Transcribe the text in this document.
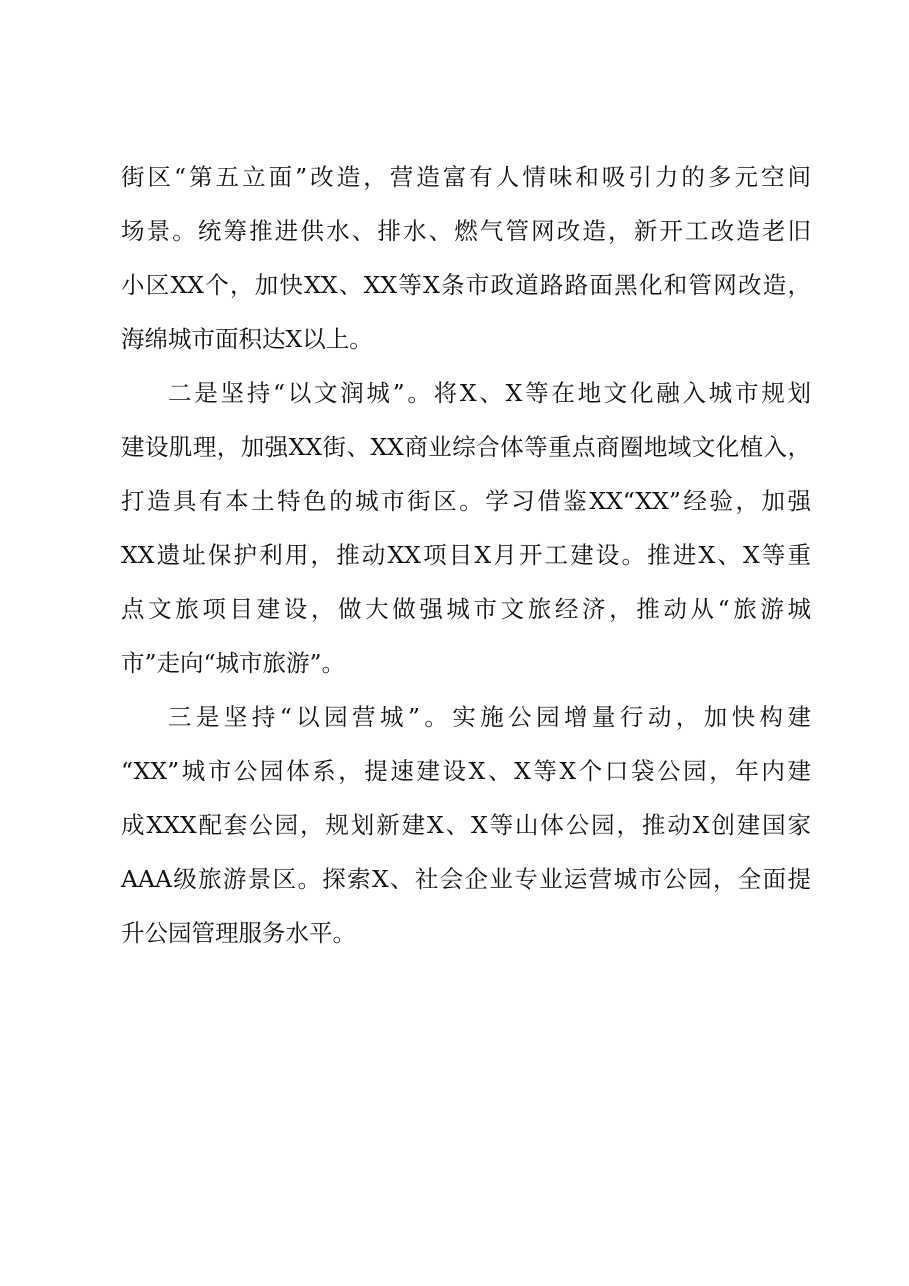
街区“第五立面”改造，营造富有人情味和吸引力的多元空间
场景。统筹推进供水、排水、燃气管网改造，新开工改造老旧
小区XX个，加快XX、XX等X条市政道路路面黑化和管网改造，
海绵城市面积达X以上。
二是坚持“以文润城”。将X、X等在地文化融入城市规划
建设肌理，加强XX街、XX商业综合体等重点商圈地域文化植入，
打造具有本土特色的城市街区。学习借鉴XX“XX”经验，加强
XX遗址保护利用，推动XX项目X月开工建设。推进X、X等重
点文旅项目建设，做大做强城市文旅经济，推动从“旅游城
市”走向“城市旅游”。
三是坚持“以园营城”。实施公园增量行动，加快构建
“XX”城市公园体系，提速建设X、X等X个口袋公园，年内建
成XXX配套公园，规划新建X、X等山体公园，推动X创建国家
AAA级旅游景区。探索X、社会企业专业运营城市公园，全面提
升公园管理服务水平。
